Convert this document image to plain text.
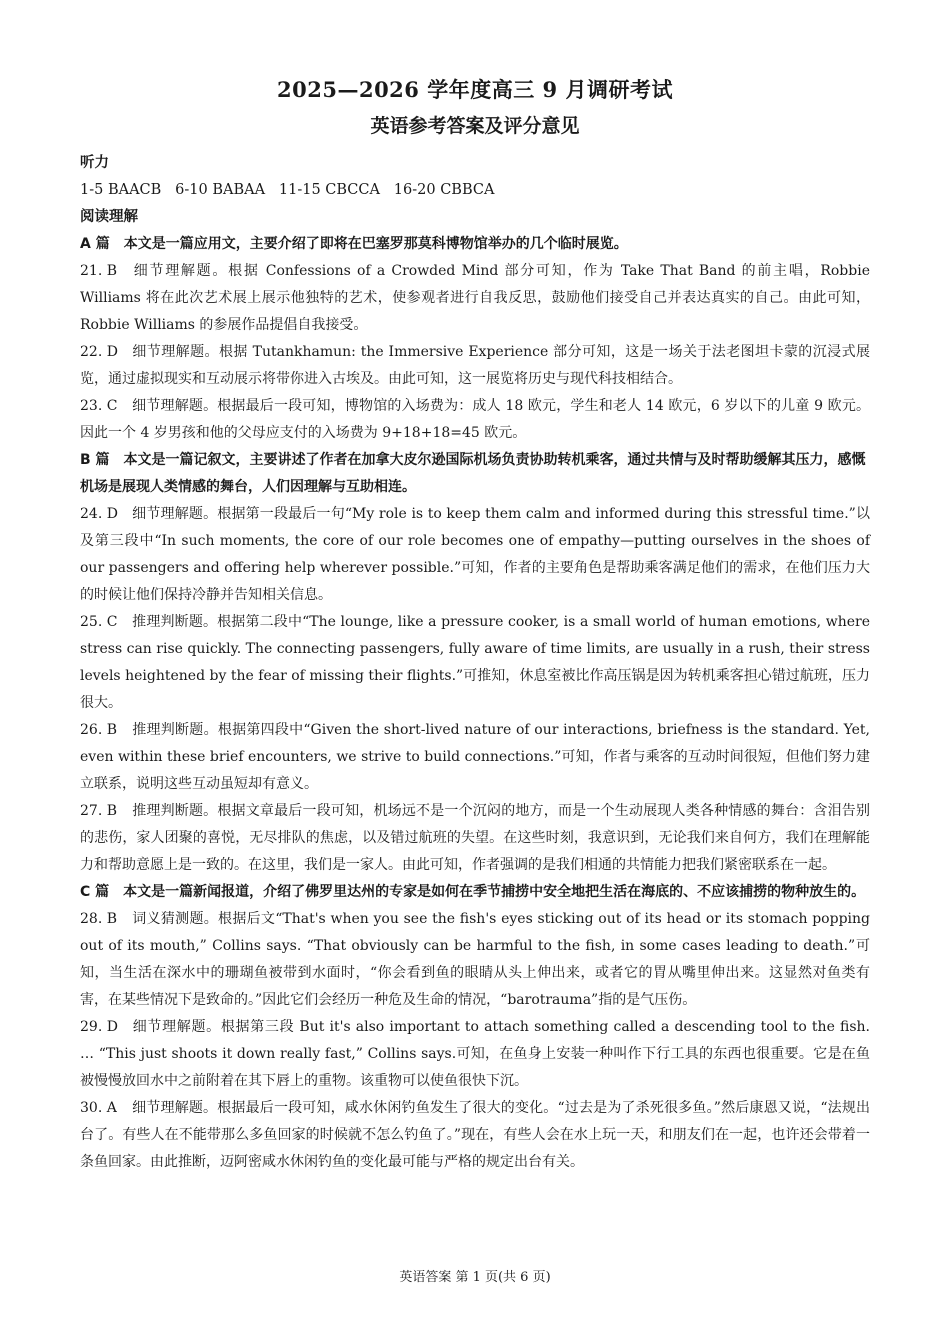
2025—2026 学年度高三 9 月调研考试
英语参考答案及评分意见

听力

1-5 BAACB   6-10 BABAA   11-15 CBCCA   16-20 CBBCA

阅读理解

A 篇　本文是一篇应用文，主要介绍了即将在巴塞罗那莫科博物馆举办的几个临时展览。

21. B 细节理解题。根据 Confessions of a Crowded Mind 部分可知，作为 Take That Band 的前主唱，Robbie Williams 将在此次艺术展上展示他独特的艺术，使参观者进行自我反思，鼓励他们接受自己并表达真实的自己。由此可知，Robbie Williams 的参展作品提倡自我接受。

22. D 细节理解题。根据 Tutankhamun: the Immersive Experience 部分可知，这是一场关于法老图坦卡蒙的沉浸式展览，通过虚拟现实和互动展示将带你进入古埃及。由此可知，这一展览将历史与现代科技相结合。

23. C 细节理解题。根据最后一段可知，博物馆的入场费为：成人 18 欧元，学生和老人 14 欧元，6 岁以下的儿童 9 欧元。因此一个 4 岁男孩和他的父母应支付的入场费为 9+18+18=45 欧元。

B 篇　本文是一篇记叙文，主要讲述了作者在加拿大皮尔逊国际机场负责协助转机乘客，通过共情与及时帮助缓解其压力，感慨机场是展现人类情感的舞台，人们因理解与互助相连。

24. D 细节理解题。根据第一段最后一句“My role is to keep them calm and informed during this stressful time.”以及第三段中“In such moments, the core of our role becomes one of empathy—putting ourselves in the shoes of our passengers and offering help wherever possible.”可知，作者的主要角色是帮助乘客满足他们的需求，在他们压力大的时候让他们保持冷静并告知相关信息。

25. C 推理判断题。根据第二段中“The lounge, like a pressure cooker, is a small world of human emotions, where stress can rise quickly. The connecting passengers, fully aware of time limits, are usually in a rush, their stress levels heightened by the fear of missing their flights.”可推知，休息室被比作高压锅是因为转机乘客担心错过航班，压力很大。

26. B 推理判断题。根据第四段中“Given the short-lived nature of our interactions, briefness is the standard. Yet, even within these brief encounters, we strive to build connections.”可知，作者与乘客的互动时间很短，但他们努力建立联系，说明这些互动虽短却有意义。

27. B 推理判断题。根据文章最后一段可知，机场远不是一个沉闷的地方，而是一个生动展现人类各种情感的舞台：含泪告别的悲伤，家人团聚的喜悦，无尽排队的焦虑，以及错过航班的失望。在这些时刻，我意识到，无论我们来自何方，我们在理解能力和帮助意愿上是一致的。在这里，我们是一家人。由此可知，作者强调的是我们相通的共情能力把我们紧密联系在一起。

C 篇　本文是一篇新闻报道，介绍了佛罗里达州的专家是如何在季节捕捞中安全地把生活在海底的、不应该捕捞的物种放生的。

28. B 词义猜测题。根据后文“That's when you see the fish's eyes sticking out of its head or its stomach popping out of its mouth,” Collins says. “That obviously can be harmful to the fish, in some cases leading to death.”可知，当生活在深水中的珊瑚鱼被带到水面时，“你会看到鱼的眼睛从头上伸出来，或者它的胃从嘴里伸出来。这显然对鱼类有害，在某些情况下是致命的。”因此它们会经历一种危及生命的情况，“barotrauma”指的是气压伤。

29. D 细节理解题。根据第三段 But it's also important to attach something called a descending tool to the fish. … “This just shoots it down really fast,” Collins says.可知，在鱼身上安装一种叫作下行工具的东西也很重要。它是在鱼被慢慢放回水中之前附着在其下唇上的重物。该重物可以使鱼很快下沉。

30. A 细节理解题。根据最后一段可知，咸水休闲钓鱼发生了很大的变化。“过去是为了杀死很多鱼。”然后康恩又说，“法规出台了。有些人在不能带那么多鱼回家的时候就不怎么钓鱼了。”现在，有些人会在水上玩一天，和朋友们在一起，也许还会带着一条鱼回家。由此推断，迈阿密咸水休闲钓鱼的变化最可能与严格的规定出台有关。

英语答案 第 1 页(共 6 页)
